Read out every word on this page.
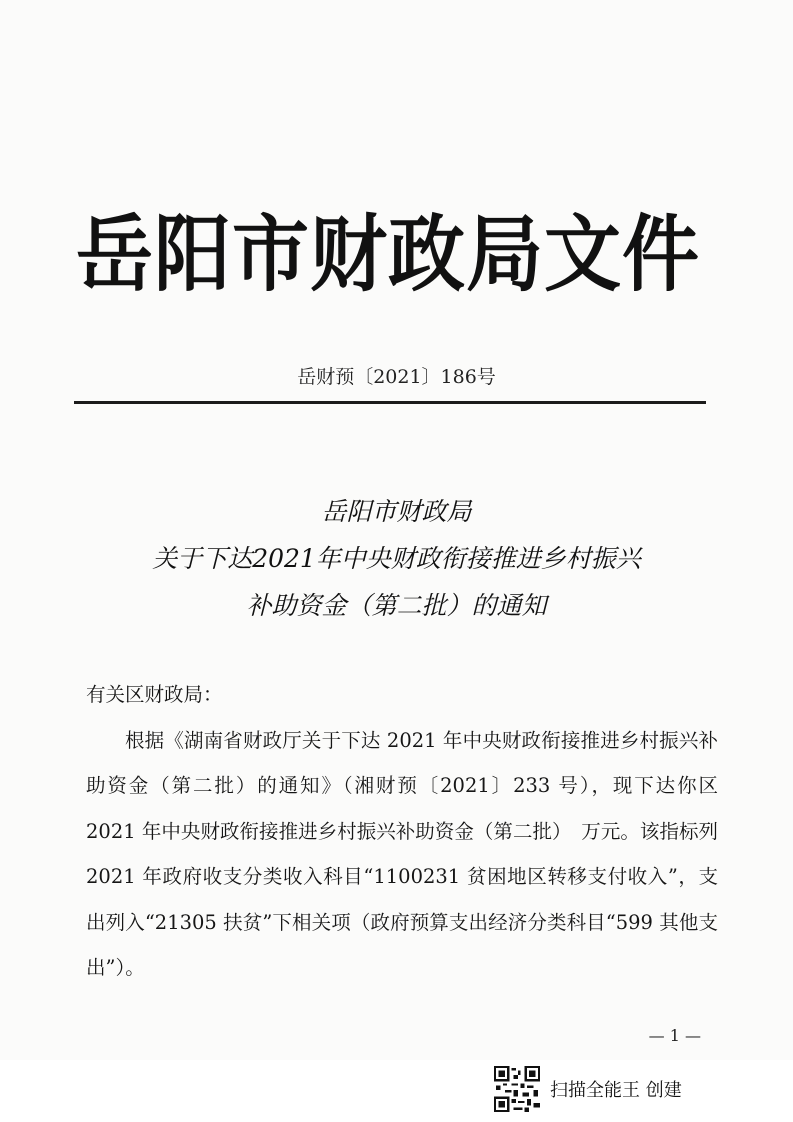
岳阳市财政局文件
岳财预〔2021〕186号
岳阳市财政局
关于下达2021年中央财政衔接推进乡村振兴
补助资金（第二批）的通知
有关区财政局：
根据《湖南省财政厅关于下达 2021 年中央财政衔接推进乡村振兴补助资金（第二批）的通知》（湘财预〔2021〕233 号），现下达你区 2021 年中央财政衔接推进乡村振兴补助资金（第二批）　万元。该指标列 2021 年政府收支分类收入科目“1100231 贫困地区转移支付收入”，支出列入“21305 扶贫”下相关项（政府预算支出经济分类科目“599 其他支出”）。
— 1 —
扫描全能王 创建
